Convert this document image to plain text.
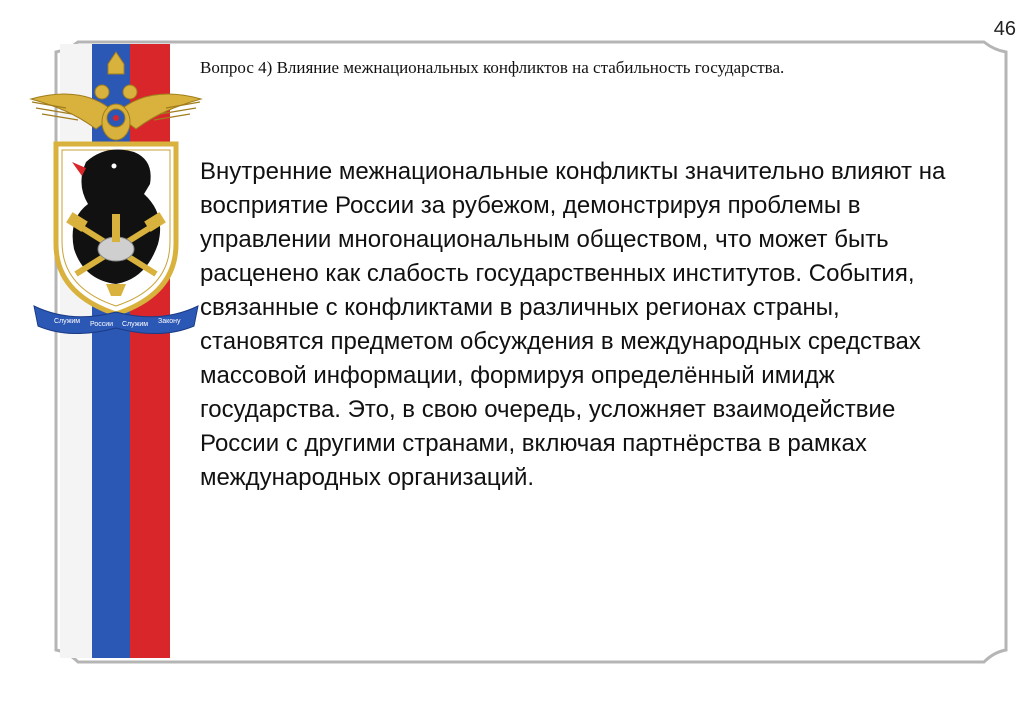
Служим России Служим Закону
46
Вопрос 4) Влияние межнациональных конфликтов на стабильность государства.

Внутренние межнациональные конфликты значительно влияют на восприятие России за рубежом, демонстрируя проблемы в управлении многонациональным обществом, что может быть расценено как слабость государственных институтов. События, связанные с конфликтами в различных регионах страны, становятся предметом обсуждения в международных средствах массовой информации, формируя определённый имидж государства. Это, в свою очередь, усложняет взаимодействие России с другими странами, включая партнёрства в рамках международных организаций.
